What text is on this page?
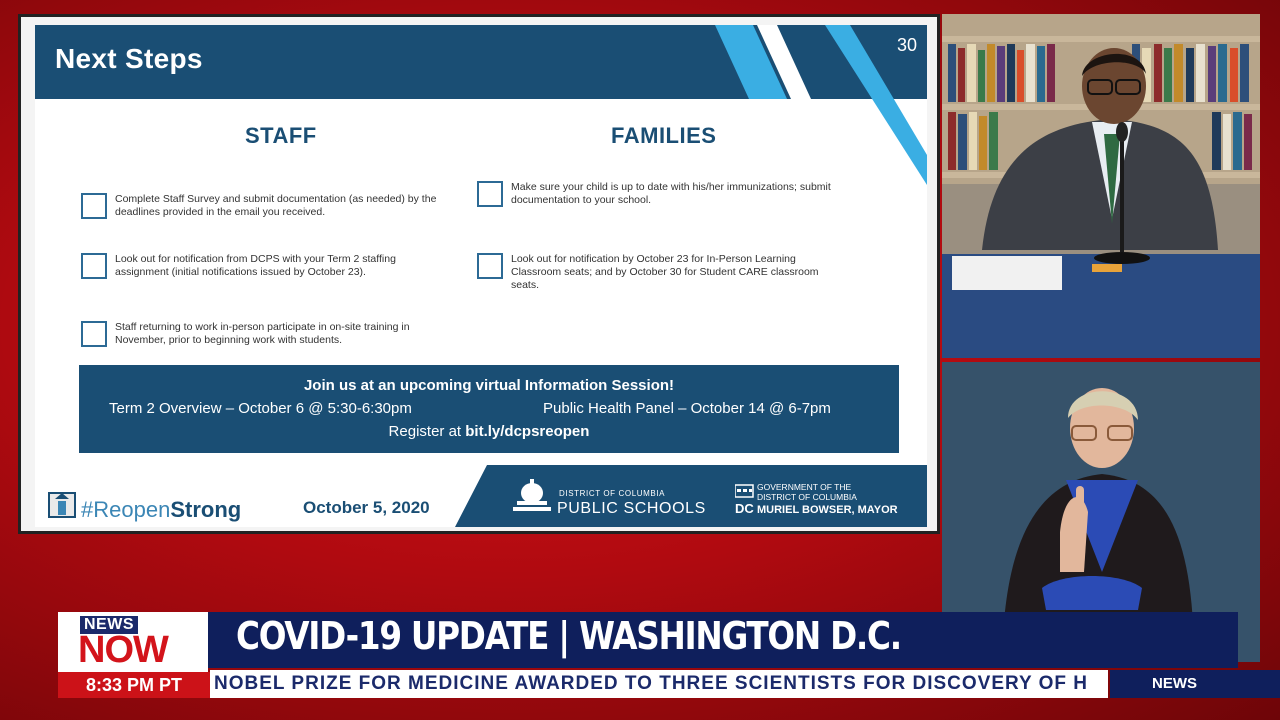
Next Steps	30
STAFF	FAMILIES
Complete Staff Survey and submit documentation (as needed) by the deadlines provided in the email you received.
Look out for notification from DCPS with your Term 2 staffing assignment (initial notifications issued by October 23).
Staff returning to work in-person participate in on-site training in November, prior to beginning work with students.
Make sure your child is up to date with his/her immunizations; submit documentation to your school.
Look out for notification by October 23 for In-Person Learning Classroom seats; and by October 30 for Student CARE classroom seats.
Join us at an upcoming virtual Information Session!
Term 2 Overview – October 6 @ 5:30-6:30pm	Public Health Panel – October 14 @ 6-7pm
Register at bit.ly/dcpsreopen
#ReopenStrong	October 5, 2020
DISTRICT OF COLUMBIA
PUBLIC SCHOOLS DC
GOVERNMENT OF THE
DISTRICT OF COLUMBIA
MURIEL BOWSER, MAYOR
COVID-19 UPDATE | WASHINGTON D.C.
NEWS
NOW
8:33 PM PT	NOBEL PRIZE FOR MEDICINE AWARDED TO THREE SCIENTISTS FOR DISCOVERY OF H	NEWS
